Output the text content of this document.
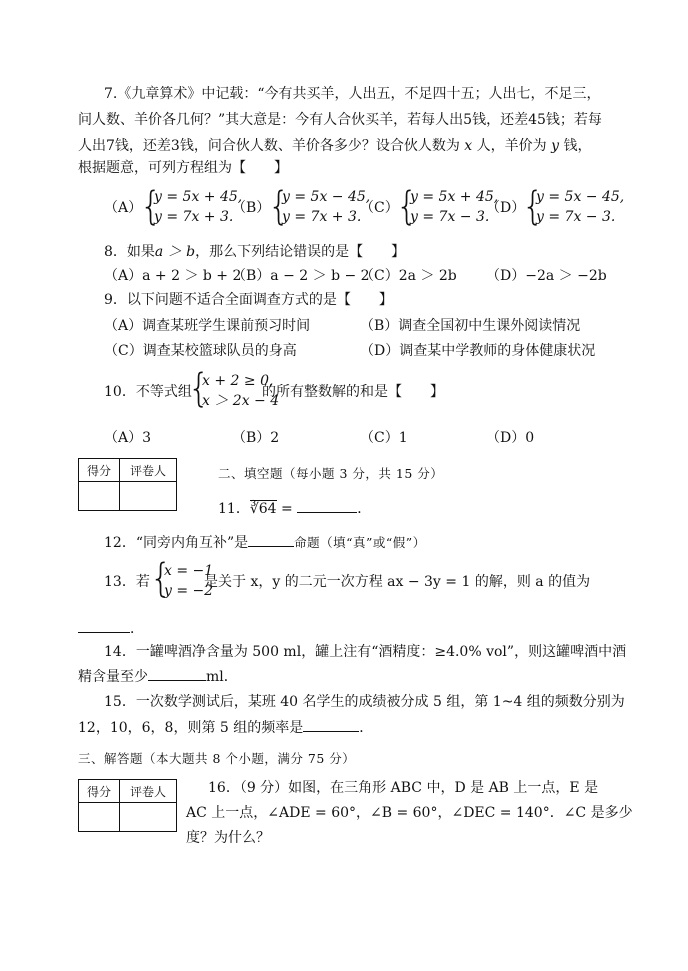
7.《九章算术》中记载：“今有共买羊，人出五，不足四十五；人出七，不足三，
问人数、羊价各几何？”其大意是：今有人合伙买羊，若每人出5钱，还差45钱；若每
人出7钱，还差3钱，问合伙人数、羊价各多少？设合伙人数为 x 人，羊价为 y 钱，
根据题意，可列方程组为【　　】
（A）
{
y = 5x + 45,
y = 7x + 3.
（B）
{
y = 5x − 45,
y = 7x + 3.
（C）
{
y = 5x + 45,
y = 7x − 3.
（D）
{
y = 5x − 45,
y = 7x − 3.
8．如果a ＞ b，那么下列结论错误的是【　　】
（A）a + 2 ＞ b + 2
（B）a − 2 ＞ b − 2
（C）2a ＞ 2b （D）−2a ＞ −2b
9．以下问题不适合全面调查方式的是【　　】
（A）调查某班学生课前预习时间	（B）调查全国初中生课外阅读情况
（C）调查某校篮球队员的身高	（D）调查某中学教师的身体健康状况
10．不等式组
{
x + 2 ≥ 0,
x ＞ 2x − 4
的所有整数解的和是【　　】
（A）3	（B）2	（C）1	（D）0
得分	评卷人
		二、填空题（每小题 3 分，共 15 分）
11．∛64 =	．
12．“同旁内角互补”是	命题（填“真”或“假”）
13．若 {
x = −1
y = −2
是关于 x，y 的二元一次方程 ax − 3y = 1 的解，则 a 的值为
．
14．一罐啤酒净含量为 500 ml，罐上注有“酒精度：≥4.0% vol”，则这罐啤酒中酒
精含量至少	ml．
15．一次数学测试后，某班 40 名学生的成绩被分成 5 组，第 1~4 组的频数分别为
12，10，6，8，则第 5 组的频率是	．
三、解答题（本大题共 8 个小题，满分 75 分）
得分	评卷人
		16．（9 分）如图，在三角形 ABC 中，D 是 AB 上一点，E 是
AC 上一点，∠ADE = 60°，∠B = 60°，∠DEC = 140°．∠C 是多少
度？为什么？
